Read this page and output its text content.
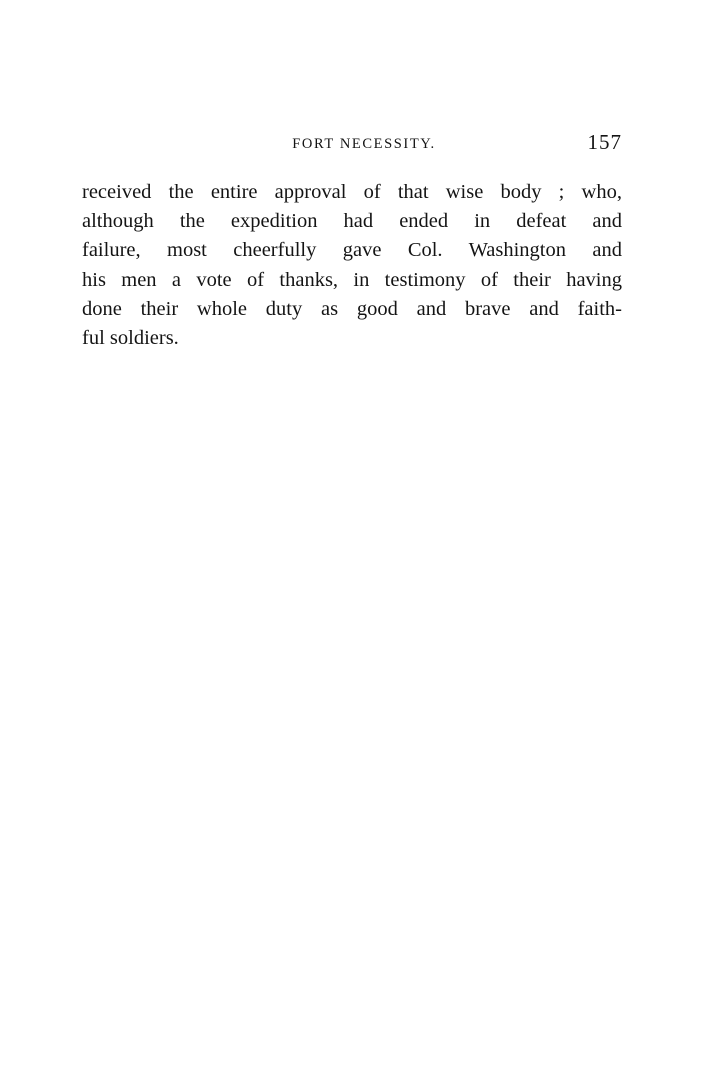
FORT NECESSITY.	157
received the entire approval of that wise body ; who,
although the expedition had ended in defeat and
failure, most cheerfully gave Col. Washington and
his men a vote of thanks, in testimony of their having
done their whole duty as good and brave and faith-
ful soldiers.
